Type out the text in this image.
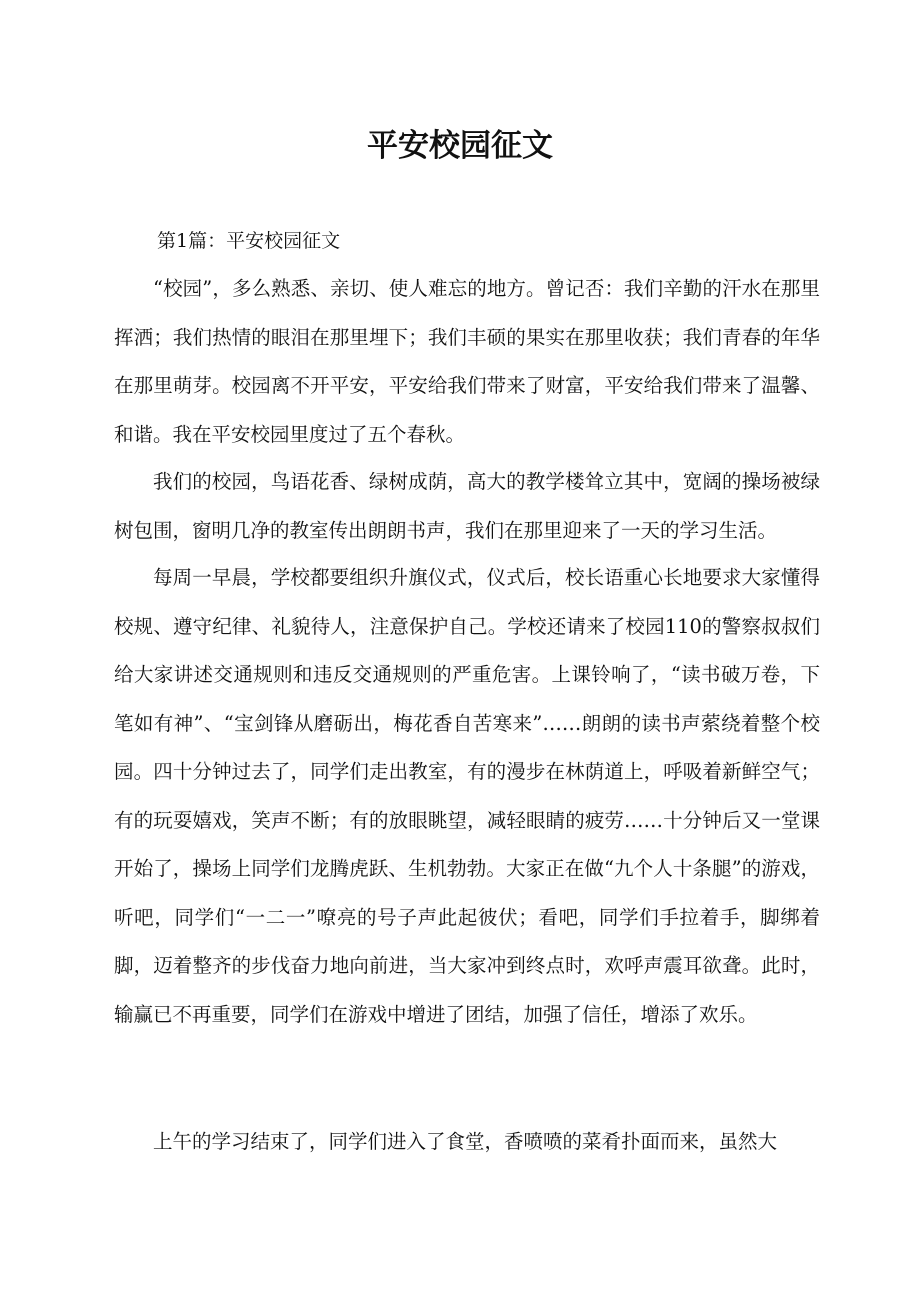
平安校园征文

第1篇：平安校园征文

“校园”，多么熟悉、亲切、使人难忘的地方。曾记否：我们辛勤的汗水在那里挥洒；我们热情的眼泪在那里埋下；我们丰硕的果实在那里收获；我们青春的年华在那里萌芽。校园离不开平安，平安给我们带来了财富，平安给我们带来了温馨、和谐。我在平安校园里度过了五个春秋。

我们的校园，鸟语花香、绿树成荫，高大的教学楼耸立其中，宽阔的操场被绿树包围，窗明几净的教室传出朗朗书声，我们在那里迎来了一天的学习生活。

每周一早晨，学校都要组织升旗仪式，仪式后，校长语重心长地要求大家懂得校规、遵守纪律、礼貌待人，注意保护自己。学校还请来了校园110的警察叔叔们给大家讲述交通规则和违反交通规则的严重危害。上课铃响了，“读书破万卷，下笔如有神”、“宝剑锋从磨砺出，梅花香自苦寒来”……朗朗的读书声萦绕着整个校园。四十分钟过去了，同学们走出教室，有的漫步在林荫道上，呼吸着新鲜空气；有的玩耍嬉戏，笑声不断；有的放眼眺望，减轻眼睛的疲劳……十分钟后又一堂课开始了，操场上同学们龙腾虎跃、生机勃勃。大家正在做“九个人十条腿”的游戏，听吧，同学们“一二一”嘹亮的号子声此起彼伏；看吧，同学们手拉着手，脚绑着脚，迈着整齐的步伐奋力地向前进，当大家冲到终点时，欢呼声震耳欲聋。此时，输赢已不再重要，同学们在游戏中增进了团结，加强了信任，增添了欢乐。

上午的学习结束了，同学们进入了食堂，香喷喷的菜肴扑面而来，虽然大
